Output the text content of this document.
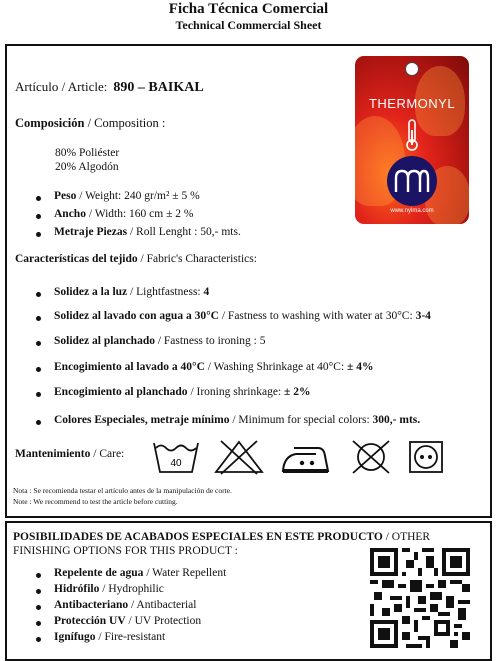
Ficha Técnica Comercial
Technical Commercial Sheet
Artículo / Article: 890 – BAIKAL
Composición / Composition :
80% Poliéster
20% Algodón
Peso / Weight: 240 gr/m² ± 5 %
Ancho / Width: 160 cm ± 2 %
Metraje Piezas / Roll Lenght : 50,- mts.
Características del tejido / Fabric's Characteristics:
Solidez a la luz / Lightfastness: 4
Solidez al lavado con agua a 30°C / Fastness to washing with water at 30°C: 3-4
Solidez al planchado / Fastness to ironing : 5
Encogimiento al lavado a 40°C / Washing Shrinkage at 40°C: ± 4%
Encogimiento al planchado / Ironing shrinkage: ± 2%
Colores Especiales, metraje mínimo / Minimum for special colors: 300,- mts.
Mantenimiento / Care:
40
Nota : Se recomienda testar el artículo antes de la manipulación de corte.
Note : We recommend to test the article before cutting.
THERMONYL
www.nylma.com
POSIBILIDADES DE ACABADOS ESPECIALES EN ESTE PRODUCTO / OTHER
FINISHING OPTIONS FOR THIS PRODUCT :
Repelente de agua / Water Repellent
Hidrófilo / Hydrophilic
Antibacteriano / Antibacterial
Protección UV / UV Protection
Ignífugo / Fire-resistant
